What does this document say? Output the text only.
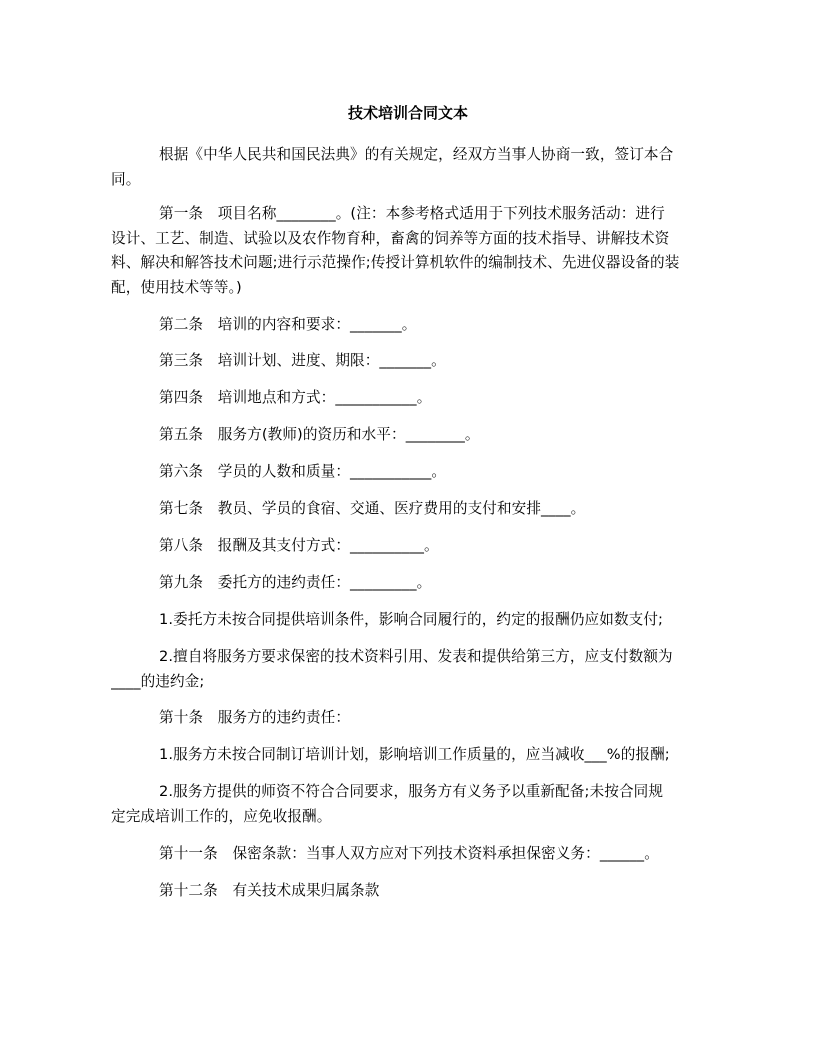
技术培训合同文本
根据《中华人民共和国民法典》的有关规定，经双方当事人协商一致，签订本合
同。
第一条　项目名称________。(注：本参考格式适用于下列技术服务活动：进行
设计、工艺、制造、试验以及农作物育种，畜禽的饲养等方面的技术指导、讲解技术资
料、解决和解答技术问题;进行示范操作;传授计算机软件的编制技术、先进仪器设备的装
配，使用技术等等。)
第二条　培训的内容和要求：_______。
第三条　培训计划、进度、期限：_______。
第四条　培训地点和方式：___________。
第五条　服务方(教师)的资历和水平：________。
第六条　学员的人数和质量：___________。
第七条　教员、学员的食宿、交通、医疗费用的支付和安排____。
第八条　报酬及其支付方式：__________。
第九条　委托方的违约责任：_________。
1.委托方未按合同提供培训条件，影响合同履行的，约定的报酬仍应如数支付;
2.擅自将服务方要求保密的技术资料引用、发表和提供给第三方，应支付数额为
____的违约金;
第十条　服务方的违约责任：
1.服务方未按合同制订培训计划，影响培训工作质量的，应当减收___%的报酬;
2.服务方提供的师资不符合合同要求，服务方有义务予以重新配备;未按合同规
定完成培训工作的，应免收报酬。
第十一条　保密条款：当事人双方应对下列技术资料承担保密义务：______。
第十二条　有关技术成果归属条款
